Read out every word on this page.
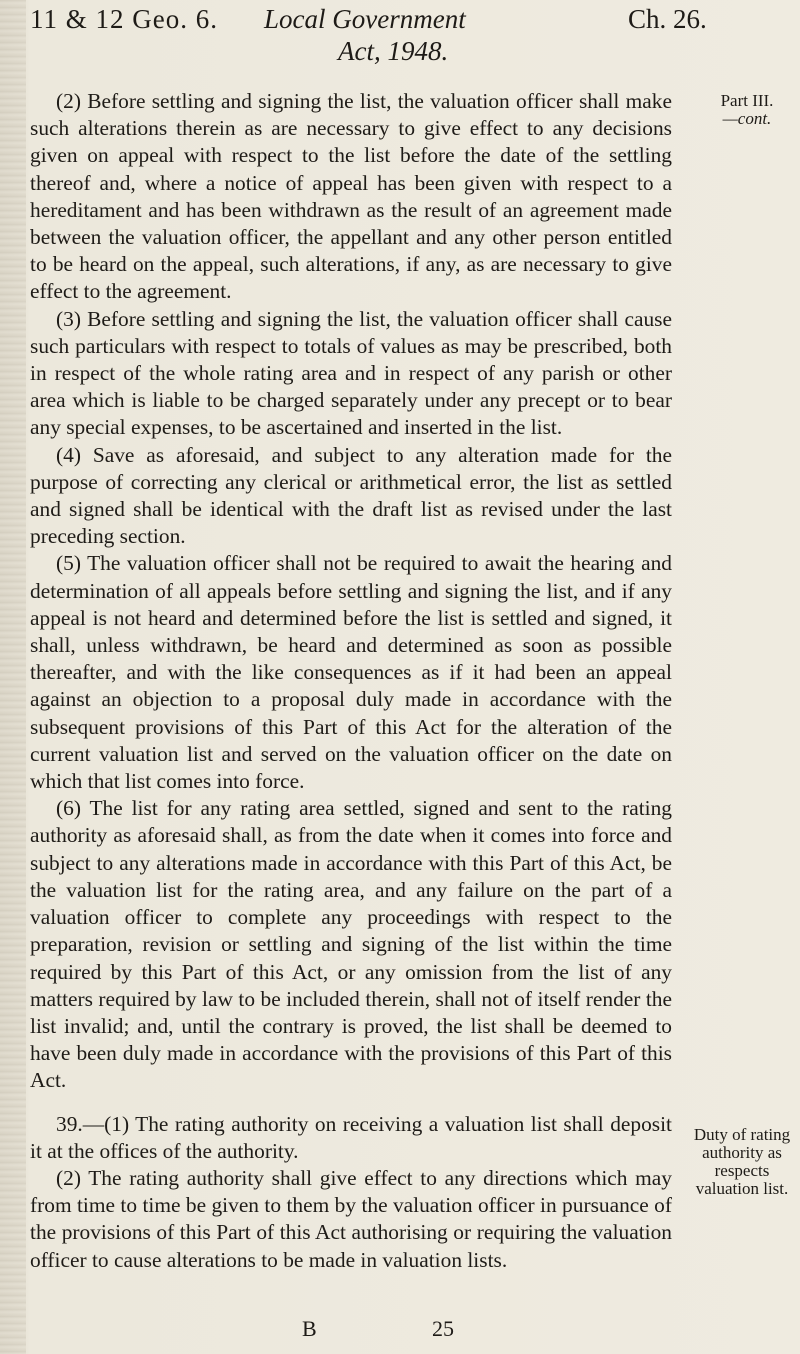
11 & 12 Geo. 6. Local Government	Ch. 26.
Act, 1948.
Part III.
—cont.

(2) Before settling and signing the list, the valuation officer shall make such alterations therein as are necessary to give effect to any decisions given on appeal with respect to the list before the date of the settling thereof and, where a notice of appeal has been given with respect to a hereditament and has been withdrawn as the result of an agreement made between the valuation officer, the appellant and any other person entitled to be heard on the appeal, such alterations, if any, as are necessary to give effect to the agreement.

(3) Before settling and signing the list, the valuation officer shall cause such particulars with respect to totals of values as may be prescribed, both in respect of the whole rating area and in respect of any parish or other area which is liable to be charged separately under any precept or to bear any special expenses, to be ascertained and inserted in the list.

(4) Save as aforesaid, and subject to any alteration made for the purpose of correcting any clerical or arithmetical error, the list as settled and signed shall be identical with the draft list as revised under the last preceding section.

(5) The valuation officer shall not be required to await the hearing and determination of all appeals before settling and signing the list, and if any appeal is not heard and determined before the list is settled and signed, it shall, unless withdrawn, be heard and determined as soon as possible thereafter, and with the like consequences as if it had been an appeal against an objection to a proposal duly made in accordance with the subsequent provisions of this Part of this Act for the alteration of the current valuation list and served on the valuation officer on the date on which that list comes into force.

(6) The list for any rating area settled, signed and sent to the rating authority as aforesaid shall, as from the date when it comes into force and subject to any alterations made in accordance with this Part of this Act, be the valuation list for the rating area, and any failure on the part of a valuation officer to complete any proceedings with respect to the preparation, revision or settling and signing of the list within the time required by this Part of this Act, or any omission from the list of any matters required by law to be included therein, shall not of itself render the list invalid; and, until the contrary is proved, the list shall be deemed to have been duly made in accordance with the provisions of this Part of this Act.

39.—(1) The rating authority on receiving a valuation list shall deposit it at the offices of the authority.

(2) The rating authority shall give effect to any directions which may from time to time be given to them by the valuation officer in pursuance of the provisions of this Part of this Act authorising or requiring the valuation officer to cause alterations to be made in valuation lists.

Duty of rating authority as respects valuation list.
B	25
